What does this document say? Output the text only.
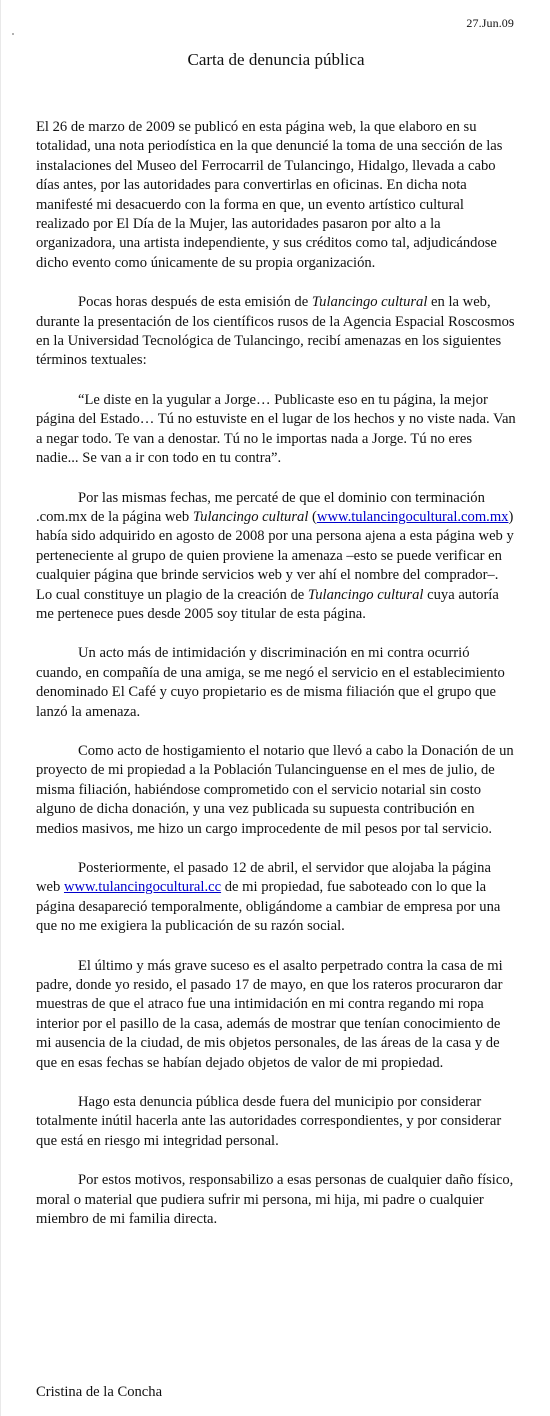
27.Jun.09
Carta de denuncia pública

El 26 de marzo de 2009 se publicó en esta página web, la que elaboro en su totalidad, una nota periodística en la que denuncié la toma de una sección de las instalaciones del Museo del Ferrocarril de Tulancingo, Hidalgo, llevada a cabo días antes, por las autoridades para convertirlas en oficinas. En dicha nota manifesté mi desacuerdo con la forma en que, un evento artístico cultural realizado por El Día de la Mujer, las autoridades pasaron por alto a la organizadora, una artista independiente, y sus créditos como tal, adjudicándose dicho evento como únicamente de su propia organización.

Pocas horas después de esta emisión de Tulancingo cultural en la web, durante la presentación de los científicos rusos de la Agencia Espacial Roscosmos en la Universidad Tecnológica de Tulancingo, recibí amenazas en los siguientes términos textuales:

“Le diste en la yugular a Jorge… Publicaste eso en tu página, la mejor página del Estado… Tú no estuviste en el lugar de los hechos y no viste nada. Van a negar todo. Te van a denostar. Tú no le importas nada a Jorge. Tú no eres nadie... Se van a ir con todo en tu contra”.

Por las mismas fechas, me percaté de que el dominio con terminación .com.mx de la página web Tulancingo cultural (www.tulancingocultural.com.mx) había sido adquirido en agosto de 2008 por una persona ajena a esta página web y perteneciente al grupo de quien proviene la amenaza –esto se puede verificar en cualquier página que brinde servicios web y ver ahí el nombre del comprador–. Lo cual constituye un plagio de la creación de Tulancingo cultural cuya autoría me pertenece pues desde 2005 soy titular de esta página.

Un acto más de intimidación y discriminación en mi contra ocurrió cuando, en compañía de una amiga, se me negó el servicio en el establecimiento denominado El Café y cuyo propietario es de misma filiación que el grupo que lanzó la amenaza.

Como acto de hostigamiento el notario que llevó a cabo la Donación de un proyecto de mi propiedad a la Población Tulancinguense en el mes de julio, de misma filiación, habiéndose comprometido con el servicio notarial sin costo alguno de dicha donación, y una vez publicada su supuesta contribución en medios masivos, me hizo un cargo improcedente de mil pesos por tal servicio.

Posteriormente, el pasado 12 de abril, el servidor que alojaba la página web www.tulancingocultural.cc de mi propiedad, fue saboteado con lo que la página desapareció temporalmente, obligándome a cambiar de empresa por una que no me exigiera la publicación de su razón social.

El último y más grave suceso es el asalto perpetrado contra la casa de mi padre, donde yo resido, el pasado 17 de mayo, en que los rateros procuraron dar muestras de que el atraco fue una intimidación en mi contra regando mi ropa interior por el pasillo de la casa, además de mostrar que tenían conocimiento de mi ausencia de la ciudad, de mis objetos personales, de las áreas de la casa y de que en esas fechas se habían dejado objetos de valor de mi propiedad.

Hago esta denuncia pública desde fuera del municipio por considerar totalmente inútil hacerla ante las autoridades correspondientes, y por considerar que está en riesgo mi integridad personal.

Por estos motivos, responsabilizo a esas personas de cualquier daño físico, moral o material que pudiera sufrir mi persona, mi hija, mi padre o cualquier miembro de mi familia directa.

Cristina de la Concha
